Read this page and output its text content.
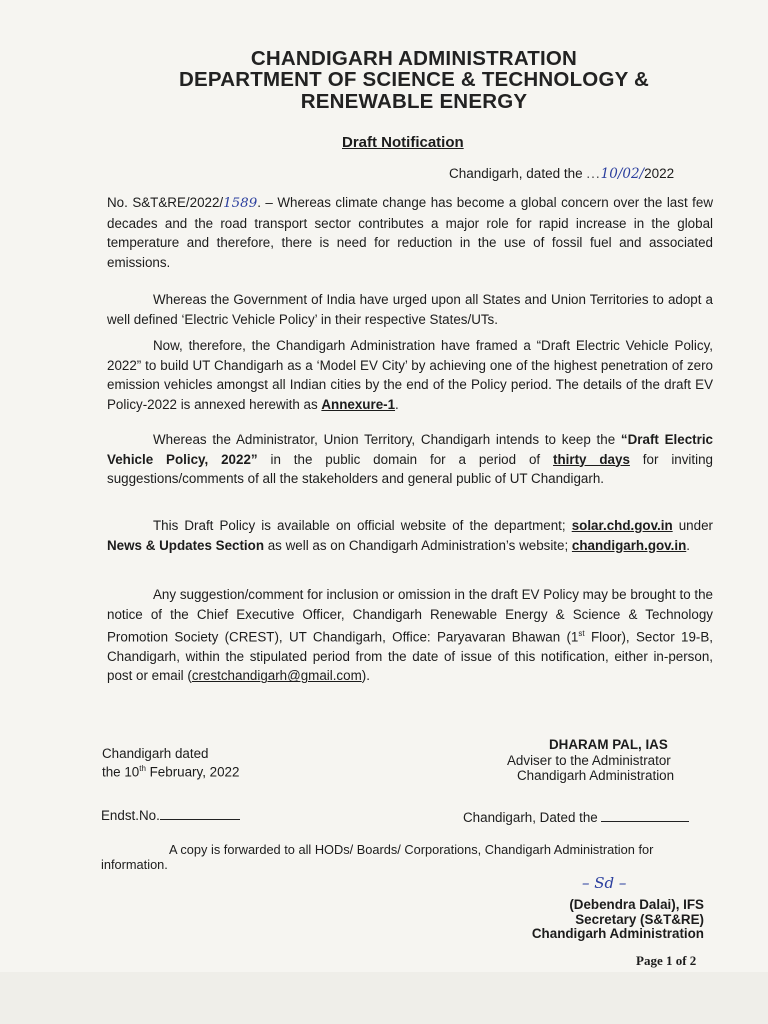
CHANDIGARH ADMINISTRATION
DEPARTMENT OF SCIENCE & TECHNOLOGY &
RENEWABLE ENERGY
Draft Notification
Chandigarh, dated the ...10/02/2022
No. S&T&RE/2022/1589. – Whereas climate change has become a global concern over the last few decades and the road transport sector contributes a major role for rapid increase in the global temperature and therefore, there is need for reduction in the use of fossil fuel and associated emissions.
Whereas the Government of India have urged upon all States and Union Territories to adopt a well defined ‘Electric Vehicle Policy’ in their respective States/UTs.
Now, therefore, the Chandigarh Administration have framed a “Draft Electric Vehicle Policy, 2022” to build UT Chandigarh as a ‘Model EV City’ by achieving one of the highest penetration of zero emission vehicles amongst all Indian cities by the end of the Policy period. The details of the draft EV Policy-2022 is annexed herewith as Annexure-1.
Whereas the Administrator, Union Territory, Chandigarh intends to keep the “Draft Electric Vehicle Policy, 2022” in the public domain for a period of thirty days for inviting suggestions/comments of all the stakeholders and general public of UT Chandigarh.
This Draft Policy is available on official website of the department; solar.chd.gov.in under News & Updates Section as well as on Chandigarh Administration’s website; chandigarh.gov.in.
Any suggestion/comment for inclusion or omission in the draft EV Policy may be brought to the notice of the Chief Executive Officer, Chandigarh Renewable Energy & Science & Technology Promotion Society (CREST), UT Chandigarh, Office: Paryavaran Bhawan (1st Floor), Sector 19-B, Chandigarh, within the stipulated period from the date of issue of this notification, either in-person, post or email (crestchandigarh@gmail.com).
DHARAM PAL, IAS
Adviser to the Administrator
Chandigarh Administration
Chandigarh dated
the 10th February, 2022
Endst.No.	Chandigarh, Dated the
A copy is forwarded to all HODs/ Boards/ Corporations, Chandigarh Administration for information.
– Sd –
(Debendra Dalai), IFS
Secretary (S&T&RE)
Chandigarh Administration
Page 1 of 2
